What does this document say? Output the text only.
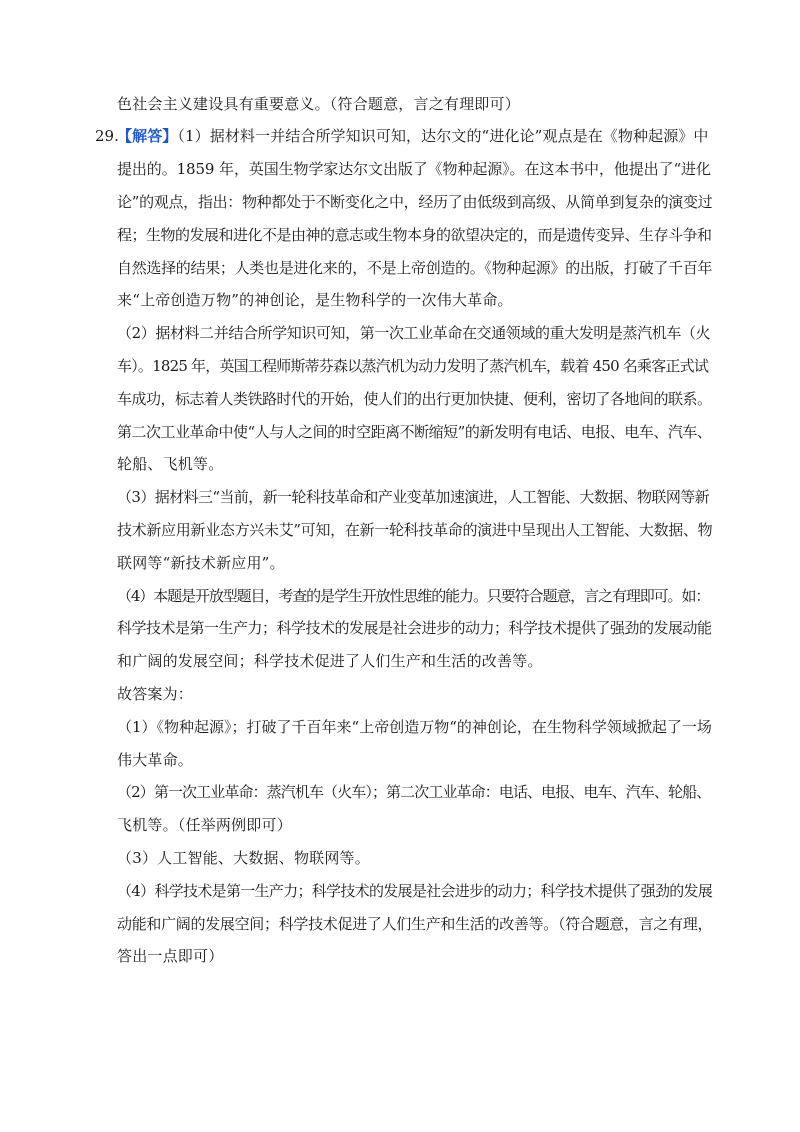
29.
色社会主义建设具有重要意义。（符合题意，言之有理即可）
【解答】（1）据材料一并结合所学知识可知，达尔文的“进化论”观点是在《物种起源》中
提出的。1859 年，英国生物学家达尔文出版了《物种起源》。在这本书中，他提出了“进化
论”的观点，指出：物种都处于不断变化之中，经历了由低级到高级、从简单到复杂的演变过
程；生物的发展和进化不是由神的意志或生物本身的欲望决定的，而是遗传变异、生存斗争和
自然选择的结果；人类也是进化来的，不是上帝创造的。《物种起源》的出版，打破了千百年
来“上帝创造万物”的神创论，是生物科学的一次伟大革命。
（2）据材料二并结合所学知识可知，第一次工业革命在交通领域的重大发明是蒸汽机车（火
车）。1825 年，英国工程师斯蒂芬森以蒸汽机为动力发明了蒸汽机车，载着 450 名乘客正式试
车成功，标志着人类铁路时代的开始，使人们的出行更加快捷、便利，密切了各地间的联系。
第二次工业革命中使“人与人之间的时空距离不断缩短”的新发明有电话、电报、电车、汽车、
轮船、飞机等。
（3）据材料三“当前，新一轮科技革命和产业变革加速演进，人工智能、大数据、物联网等新
技术新应用新业态方兴未艾”可知，在新一轮科技革命的演进中呈现出人工智能、大数据、物
联网等“新技术新应用”。
（4）本题是开放型题目，考查的是学生开放性思维的能力。只要符合题意，言之有理即可。如：
科学技术是第一生产力；科学技术的发展是社会进步的动力；科学技术提供了强劲的发展动能
和广阔的发展空间；科学技术促进了人们生产和生活的改善等。
故答案为：
（1）《物种起源》；打破了千百年来“上帝创造万物“的神创论，在生物科学领域掀起了一场
伟大革命。
（2）第一次工业革命：蒸汽机车（火车）；第二次工业革命：电话、电报、电车、汽车、轮船、
飞机等。（任举两例即可）
（3）人工智能、大数据、物联网等。
（4）科学技术是第一生产力；科学技术的发展是社会进步的动力；科学技术提供了强劲的发展
动能和广阔的发展空间；科学技术促进了人们生产和生活的改善等。（符合题意，言之有理，
答出一点即可）
